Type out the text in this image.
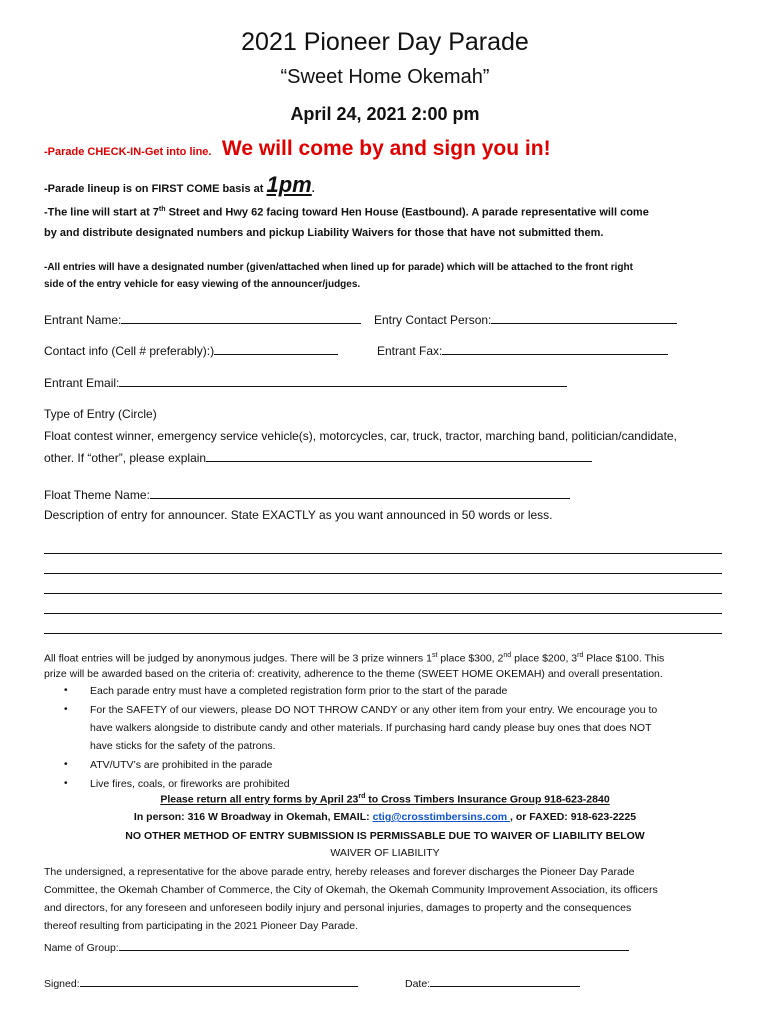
2021 Pioneer Day Parade
“Sweet Home Okemah”
April 24, 2021 2:00 pm
-Parade CHECK-IN-Get into line. We will come by and sign you in!
-Parade lineup is on FIRST COME basis at 1pm.
-The line will start at 7th Street and Hwy 62 facing toward Hen House (Eastbound). A parade representative will come
by and distribute designated numbers and pickup Liability Waivers for those that have not submitted them.
-All entries will have a designated number (given/attached when lined up for parade) which will be attached to the front right
side of the entry vehicle for easy viewing of the announcer/judges.
Entrant Name:	Entry Contact Person:
Contact info (Cell # preferably):)	Entrant Fax:
Entrant Email:
Type of Entry (Circle)
Float contest winner, emergency service vehicle(s), motorcycles, car, truck, tractor, marching band, politician/candidate,
other. If “other”, please explain
Float Theme Name:
Description of entry for announcer. State EXACTLY as you want announced in 50 words or less.
All float entries will be judged by anonymous judges. There will be 3 prize winners 1st place $300, 2nd place $200, 3rd Place $100. This
prize will be awarded based on the criteria of: creativity, adherence to the theme (SWEET HOME OKEMAH) and overall presentation.
• Each parade entry must have a completed registration form prior to the start of the parade
• For the SAFETY of our viewers, please DO NOT THROW CANDY or any other item from your entry. We encourage you to
have walkers alongside to distribute candy and other materials. If purchasing hard candy please buy ones that does NOT
have sticks for the safety of the patrons.
• ATV/UTV’s are prohibited in the parade
• Live fires, coals, or fireworks are prohibited
Please return all entry forms by April 23rd to Cross Timbers Insurance Group 918-623-2840
In person: 316 W Broadway in Okemah, EMAIL: ctig@crosstimbersins.com , or FAXED: 918-623-2225
NO OTHER METHOD OF ENTRY SUBMISSION IS PERMISSABLE DUE TO WAIVER OF LIABILITY BELOW
WAIVER OF LIABILITY
The undersigned, a representative for the above parade entry, hereby releases and forever discharges the Pioneer Day Parade
Committee, the Okemah Chamber of Commerce, the City of Okemah, the Okemah Community Improvement Association, its officers
and directors, for any foreseen and unforeseen bodily injury and personal injuries, damages to property and the consequences
thereof resulting from participating in the 2021 Pioneer Day Parade.
Name of Group:
Signed:	Date:
